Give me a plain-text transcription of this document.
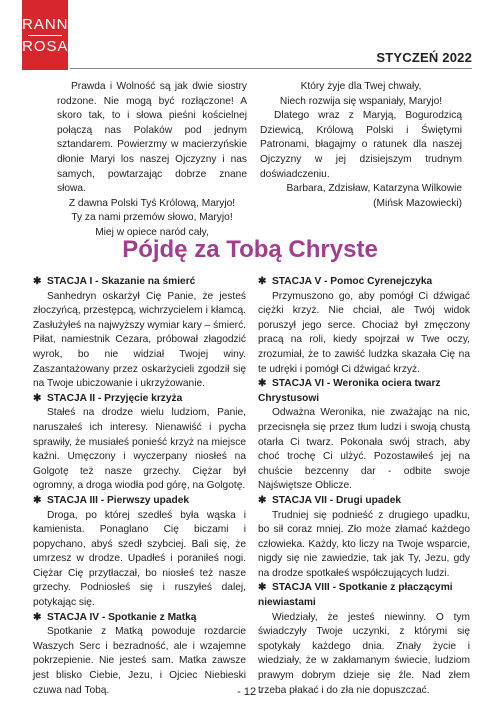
RANNA
ROSA
STYCZEŃ 2022

Prawda i Wolność są jak dwie siostry rodzone. Nie mogą być rozłączone! A skoro tak, to i słowa pieśni kościelnej połączą nas Polaków pod jednym sztandarem. Powierzmy w macierzyńskie dłonie Maryi los naszej Ojczyzny i nas samych, powtarzając dobrze znane słowa.

Z dawna Polski Tyś Królową, Maryjo!

Ty za nami przemów słowo, Maryjo!

Miej w opiece naród cały,

Który żyje dla Twej chwały,

Niech rozwija się wspaniały, Maryjo!

Dlatego wraz z Maryją, Bogurodzicą Dziewicą, Królową Polski i Świętymi Patronami, błagajmy o ratunek dla naszej Ojczyzny w jej dzisiejszym trudnym doświadczeniu.

Barbara, Zdzisław, Katarzyna Wilkowie

(Mińsk Mazowiecki)

Pójdę za Tobą Chryste

✱ STACJA I - Skazanie na śmierć

Sanhedryn oskarżył Cię Panie, że jesteś złoczyńcą, przestępcą, wichrzycielem i kłamcą. Zasłużyłeś na najwyższy wymiar kary – śmierć. Piłat, namiestnik Cezara, próbował złagodzić wyrok, bo nie widział Twojej winy. Zaszantażowany przez oskarżycieli zgodził się na Twoje ubiczowanie i ukrzyżowanie.

✱ STACJA II - Przyjęcie krzyża

Stałeś na drodze wielu ludziom, Panie, naruszałeś ich interesy. Nienawiść i pycha sprawiły, że musiałeś ponieść krzyż na miejsce kaźni. Umęczony i wyczerpany niosłeś na Golgotę też nasze grzechy. Ciężar był ogromny, a droga wiodła pod górę, na Golgotę.

✱ STACJA III - Pierwszy upadek

Droga, po której szedłeś była wąska i kamienista. Ponaglano Cię biczami i popychano, abyś szedł szybciej. Bali się, że umrzesz w drodze. Upadłeś i poraniłeś nogi. Ciężar Cię przytłaczał, bo niosłeś też nasze grzechy. Podniosłeś się i ruszyłeś dalej, potykając się.

✱ STACJA IV - Spotkanie z Matką

Spotkanie z Matką powoduje rozdarcie Waszych Serc i bezradność, ale i wzajemne pokrzepienie. Nie jesteś sam. Matka zawsze jest blisko Ciebie, Jezu, i Ojciec Niebieski czuwa nad Tobą.

✱ STACJA V - Pomoc Cyrenejczyka

Przymuszono go, aby pomógł Ci dźwigać ciężki krzyż. Nie chciał, ale Twój widok poruszył jego serce. Chociaż był zmęczony pracą na roli, kiedy spojrzał w Twe oczy, zrozumiał, że to zawiść ludzka skazała Cię na te udręki i pomógł Ci dźwigać krzyż.

✱ STACJA VI - Weronika ociera twarz Chrystusowi

Odważna Weronika, nie zważając na nic, przecisnęła się przez tłum ludzi i swoją chustą otarła Ci twarz. Pokonała swój strach, aby choć trochę Ci ulżyć. Pozostawiłeś jej na chuście bezcenny dar - odbite swoje Najświętsze Oblicze.

✱ STACJA VII - Drugi upadek

Trudniej się podnieść z drugiego upadku, bo sił coraz mniej. Zło może złamać każdego człowieka. Każdy, kto liczy na Twoje wsparcie, nigdy się nie zawiedzie, tak jak Ty, Jezu, gdy na drodze spotkałeś współczujących ludzi.

✱ STACJA VIII - Spotkanie z płaczącymi niewiastami

Wiedziały, że jesteś niewinny. O tym świadczyły Twoje uczynki, z którymi się spotykały każdego dnia. Znały życie i wiedziały, że w zakłamanym świecie, ludziom prawym dobrym dzieje się źle. Nad złem trzeba płakać i do zła nie dopuszczać.

- 12 -
